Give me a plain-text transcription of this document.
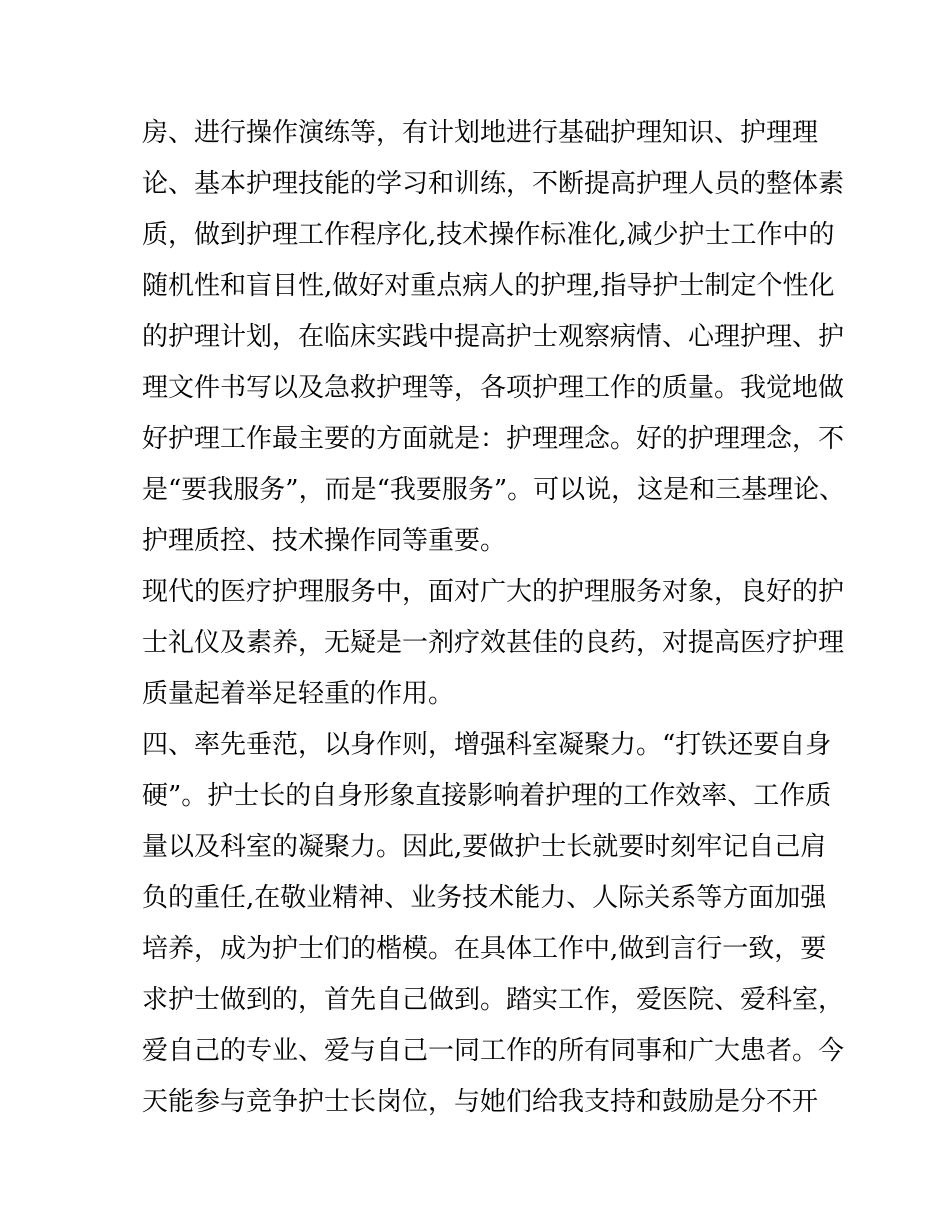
房、进行操作演练等，有计划地进行基础护理知识、护理理
论、基本护理技能的学习和训练，不断提高护理人员的整体素
质，做到护理工作程序化,技术操作标准化,减少护士工作中的
随机性和盲目性,做好对重点病人的护理,指导护士制定个性化
的护理计划，在临床实践中提高护士观察病情、心理护理、护
理文件书写以及急救护理等，各项护理工作的质量。我觉地做
好护理工作最主要的方面就是：护理理念。好的护理理念，不
是“要我服务”，而是“我要服务”。可以说，这是和三基理论、
护理质控、技术操作同等重要。
现代的医疗护理服务中，面对广大的护理服务对象，良好的护
士礼仪及素养，无疑是一剂疗效甚佳的良药，对提高医疗护理
质量起着举足轻重的作用。
四、率先垂范，以身作则，增强科室凝聚力。“打铁还要自身
硬”。护士长的自身形象直接影响着护理的工作效率、工作质
量以及科室的凝聚力。因此,要做护士长就要时刻牢记自己肩
负的重任,在敬业精神、业务技术能力、人际关系等方面加强
培养，成为护士们的楷模。在具体工作中,做到言行一致，要
求护士做到的，首先自己做到。踏实工作，爱医院、爱科室，
爱自己的专业、爱与自己一同工作的所有同事和广大患者。今
天能参与竞争护士长岗位，与她们给我支持和鼓励是分不开
